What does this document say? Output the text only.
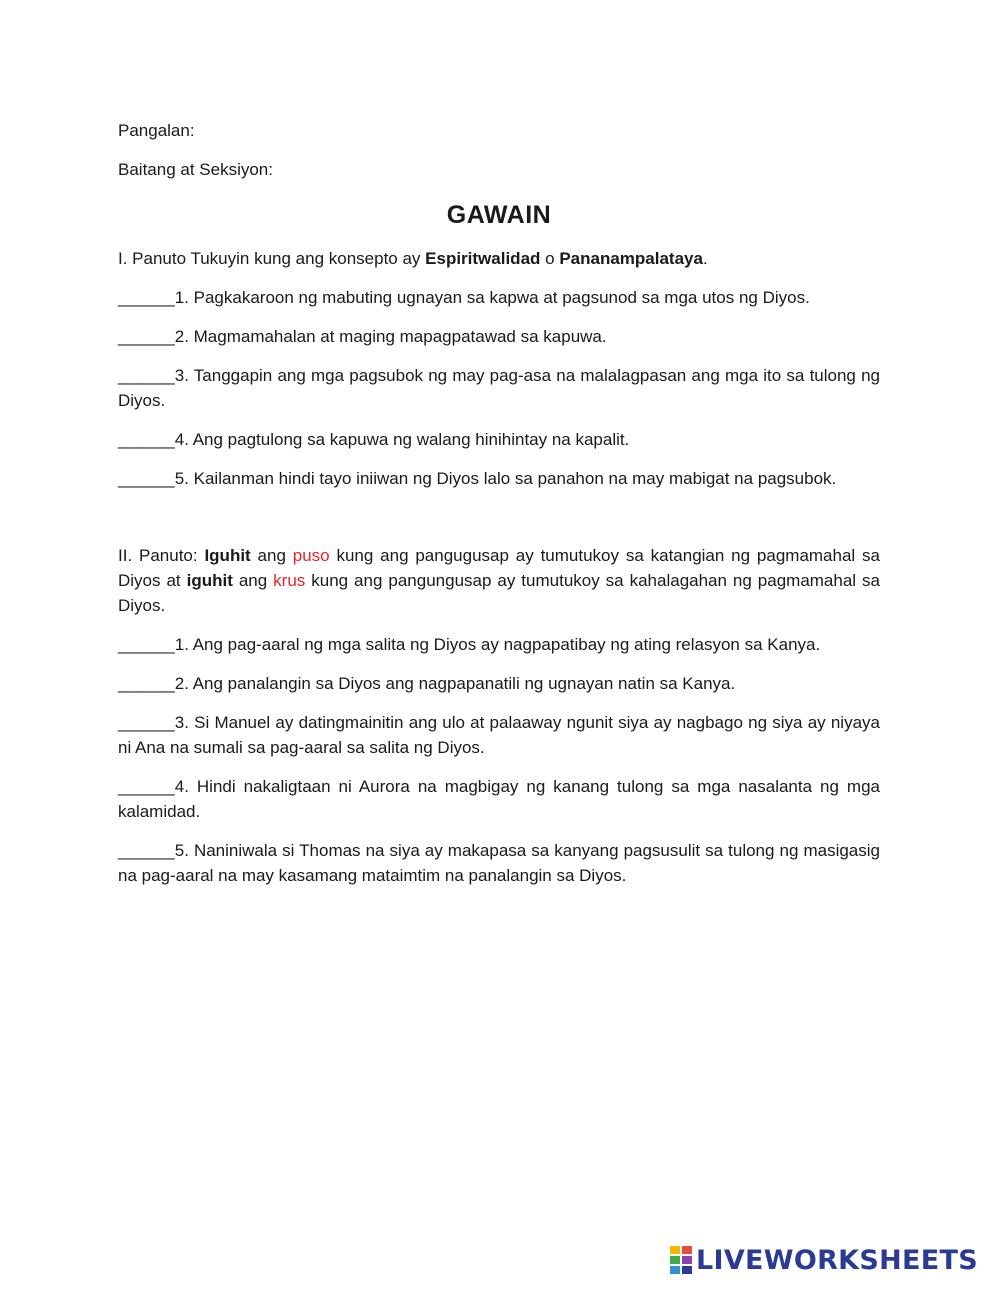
Pangalan:
Baitang at Seksiyon:
GAWAIN
I. Panuto Tukuyin kung ang konsepto ay Espiritwalidad o Pananampalataya.
______1. Pagkakaroon ng mabuting ugnayan sa kapwa at pagsunod sa mga utos ng Diyos.
______2. Magmamahalan at maging mapagpatawad sa kapuwa.
______3. Tanggapin ang mga pagsubok ng may pag-asa na malalagpasan ang mga ito sa tulong ng Diyos.
______4. Ang pagtulong sa kapuwa ng walang hinihintay na kapalit.
______5. Kailanman hindi tayo iniiwan ng Diyos lalo sa panahon na may mabigat na pagsubok.
II. Panuto: Iguhit ang puso kung ang pangugusap ay tumutukoy sa katangian ng pagmamahal sa Diyos at iguhit ang krus kung ang pangungusap ay tumutukoy sa kahalagahan ng pagmamahal sa Diyos.
______1. Ang pag-aaral ng mga salita ng Diyos ay nagpapatibay ng ating relasyon sa Kanya.
______2. Ang panalangin sa Diyos ang nagpapanatili ng ugnayan natin sa Kanya.
______3. Si Manuel ay datingmainitin ang ulo at palaaway ngunit siya ay nagbago ng siya ay niyaya ni Ana na sumali sa pag-aaral sa salita ng Diyos.
______4. Hindi nakaligtaan ni Aurora na magbigay ng kanang tulong sa mga nasalanta ng mga kalamidad.
______5. Naniniwala si Thomas na siya ay makapasa sa kanyang pagsusulit sa tulong ng masigasig na pag-aaral na may kasamang mataimtim na panalangin sa Diyos.
LIVEWORKSHEETS
